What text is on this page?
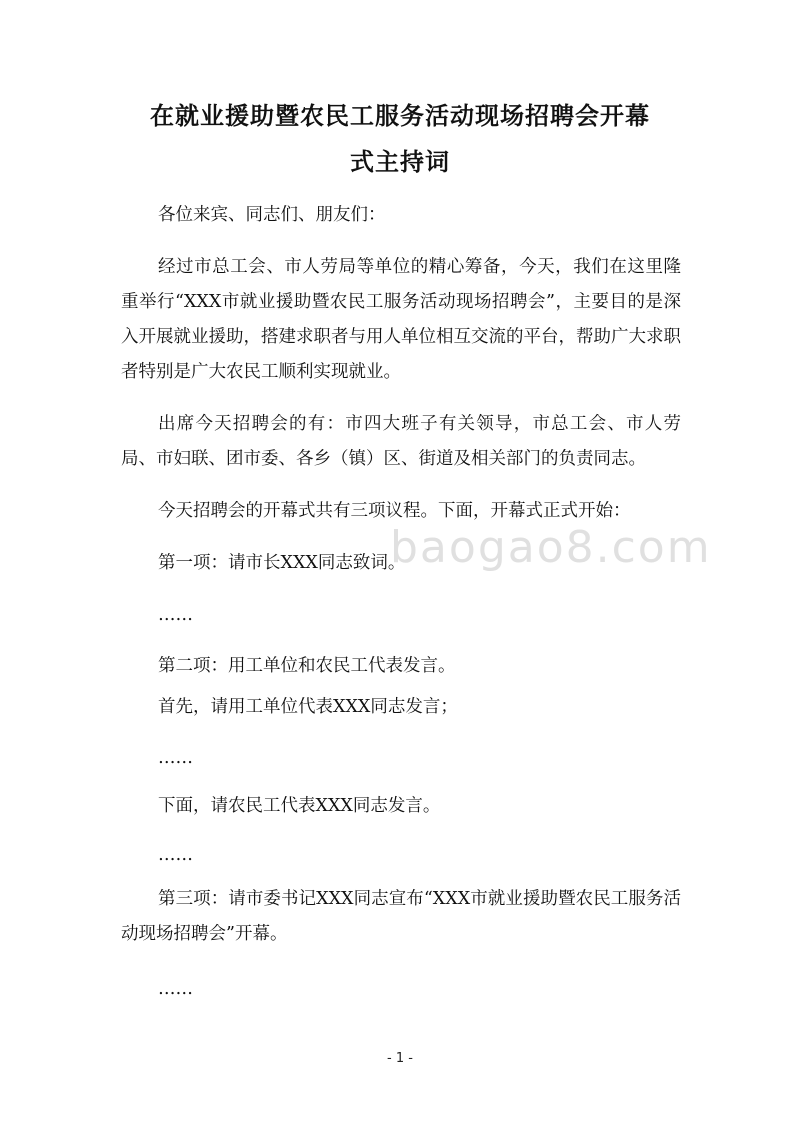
在就业援助暨农民工服务活动现场招聘会开幕
式主持词

各位来宾、同志们、朋友们：

经过市总工会、市人劳局等单位的精心筹备，今天，我们在这里隆重举行“XXX市就业援助暨农民工服务活动现场招聘会”，主要目的是深入开展就业援助，搭建求职者与用人单位相互交流的平台，帮助广大求职者特别是广大农民工顺利实现就业。

出席今天招聘会的有：市四大班子有关领导，市总工会、市人劳局、市妇联、团市委、各乡（镇）区、街道及相关部门的负责同志。

今天招聘会的开幕式共有三项议程。下面，开幕式正式开始：

第一项：请市长XXX同志致词。

……

第二项：用工单位和农民工代表发言。

首先，请用工单位代表XXX同志发言；

……

下面，请农民工代表XXX同志发言。

……

第三项：请市委书记XXX同志宣布“XXX市就业援助暨农民工服务活动现场招聘会”开幕。

……

baogao8.com
- 1 -
